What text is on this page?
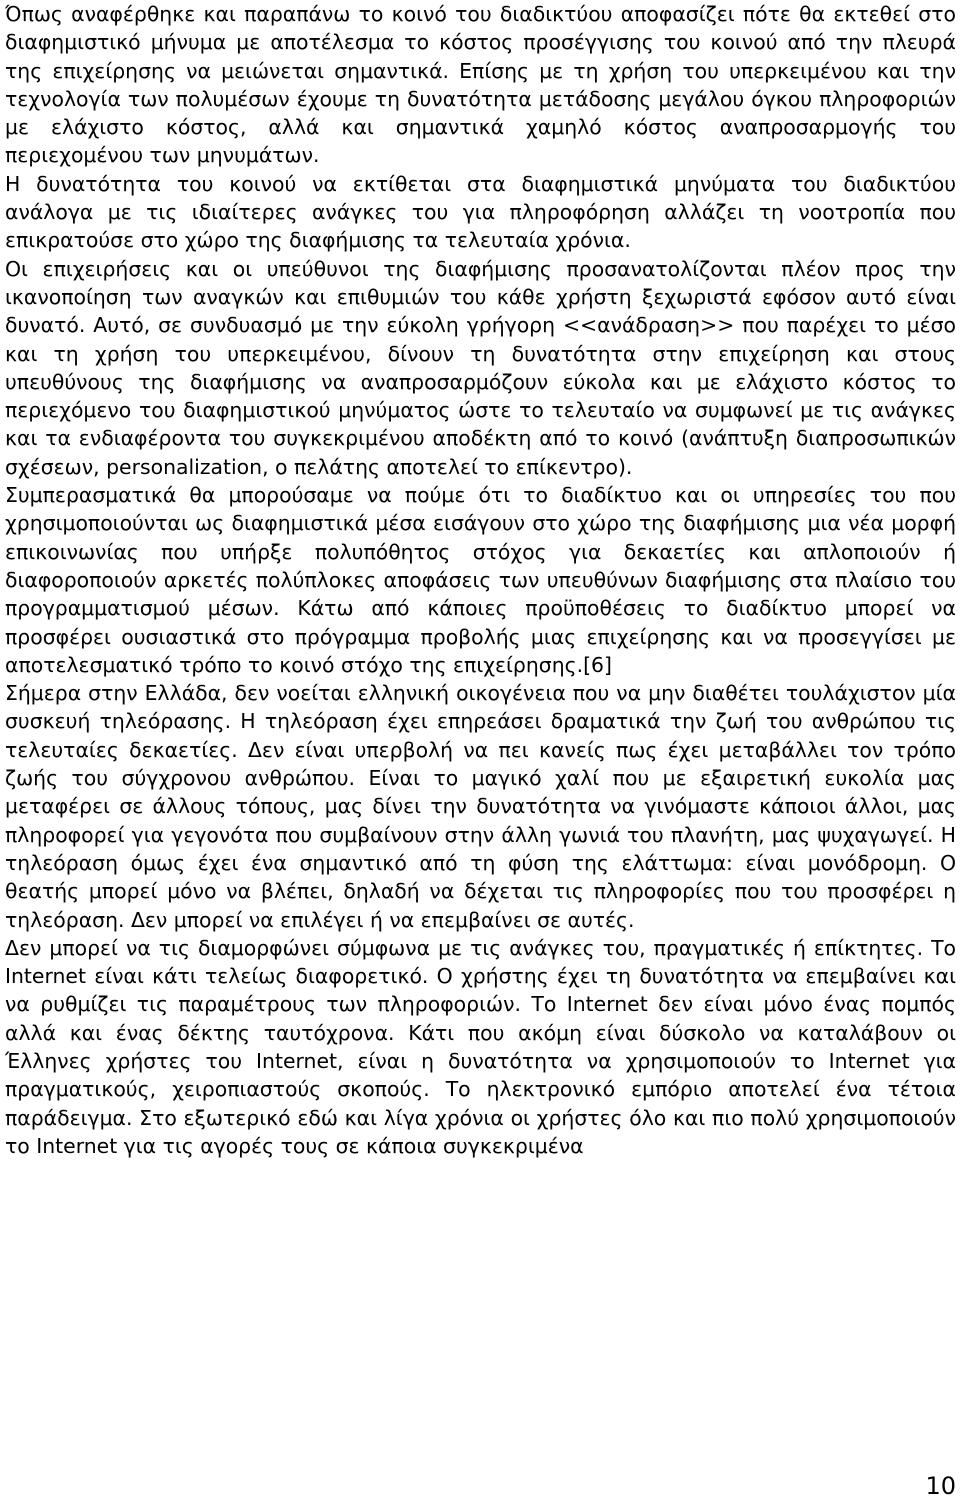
Όπως αναφέρθηκε και παραπάνω το κοινό του διαδικτύου αποφασίζει πότε θα εκτεθεί στο διαφημιστικό μήνυμα με αποτέλεσμα το κόστος προσέγγισης του κοινού από την πλευρά της επιχείρησης να μειώνεται σημαντικά. Επίσης με τη χρήση του υπερκειμένου και την τεχνολογία των πολυμέσων έχουμε τη δυνατότητα μετάδοσης μεγάλου όγκου πληροφοριών με ελάχιστο κόστος, αλλά και σημαντικά χαμηλό κόστος αναπροσαρμογής του περιεχομένου των μηνυμάτων.

Η δυνατότητα του κοινού να εκτίθεται στα διαφημιστικά μηνύματα του διαδικτύου ανάλογα με τις ιδιαίτερες ανάγκες του για πληροφόρηση αλλάζει τη νοοτροπία που επικρατούσε στο χώρο της διαφήμισης τα τελευταία χρόνια.

Οι επιχειρήσεις και οι υπεύθυνοι της διαφήμισης προσανατολίζονται πλέον προς την ικανοποίηση των αναγκών και επιθυμιών του κάθε χρήστη ξεχωριστά εφόσον αυτό είναι δυνατό. Αυτό, σε συνδυασμό με την εύκολη γρήγορη <<ανάδραση>> που παρέχει το μέσο και τη χρήση του υπερκειμένου, δίνουν τη δυνατότητα στην επιχείρηση και στους υπευθύνους της διαφήμισης να αναπροσαρμόζουν εύκολα και με ελάχιστο κόστος το περιεχόμενο του διαφημιστικού μηνύματος ώστε το τελευταίο να συμφωνεί με τις ανάγκες και τα ενδιαφέροντα του συγκεκριμένου αποδέκτη από το κοινό (ανάπτυξη διαπροσωπικών σχέσεων, personalization, ο πελάτης αποτελεί το επίκεντρο).

Συμπερασματικά θα μπορούσαμε να πούμε ότι το διαδίκτυο και οι υπηρεσίες του που χρησιμοποιούνται ως διαφημιστικά μέσα εισάγουν στο χώρο της διαφήμισης μια νέα μορφή επικοινωνίας που υπήρξε πολυπόθητος στόχος για δεκαετίες και απλοποιούν ή διαφοροποιούν αρκετές πολύπλοκες αποφάσεις των υπευθύνων διαφήμισης στα πλαίσιο του προγραμματισμού μέσων. Κάτω από κάποιες προϋποθέσεις το διαδίκτυο μπορεί να προσφέρει ουσιαστικά στο πρόγραμμα προβολής μιας επιχείρησης και να προσεγγίσει με αποτελεσματικό τρόπο το κοινό στόχο της επιχείρησης.[6]

Σήμερα στην Ελλάδα, δεν νοείται ελληνική οικογένεια που να μην διαθέτει τουλάχιστον μία συσκευή τηλεόρασης. Η τηλεόραση έχει επηρεάσει δραματικά την ζωή του ανθρώπου τις τελευταίες δεκαετίες. Δεν είναι υπερβολή να πει κανείς πως έχει μεταβάλλει τον τρόπο ζωής του σύγχρονου ανθρώπου. Είναι το μαγικό χαλί που με εξαιρετική ευκολία μας μεταφέρει σε άλλους τόπους, μας δίνει την δυνατότητα να γινόμαστε κάποιοι άλλοι, μας πληροφορεί για γεγονότα που συμβαίνουν στην άλλη γωνιά του πλανήτη, μας ψυχαγωγεί. Η τηλεόραση όμως έχει ένα σημαντικό από τη φύση της ελάττωμα: είναι μονόδρομη. Ο θεατής μπορεί μόνο να βλέπει, δηλαδή να δέχεται τις πληροφορίες που του προσφέρει η τηλεόραση. Δεν μπορεί να επιλέγει ή να επεμβαίνει σε αυτές.

Δεν μπορεί να τις διαμορφώνει σύμφωνα με τις ανάγκες του, πραγματικές ή επίκτητες. Το Internet είναι κάτι τελείως διαφορετικό. Ο χρήστης έχει τη δυνατότητα να επεμβαίνει και να ρυθμίζει τις παραμέτρους των πληροφοριών. Το Internet δεν είναι μόνο ένας πομπός αλλά και ένας δέκτης ταυτόχρονα. Κάτι που ακόμη είναι δύσκολο να καταλάβουν οι Έλληνες χρήστες του Internet, είναι η δυνατότητα να χρησιμοποιούν το Internet για πραγματικούς, χειροπιαστούς σκοπούς. Το ηλεκτρονικό εμπόριο αποτελεί ένα τέτοια παράδειγμα. Στο εξωτερικό εδώ και λίγα χρόνια οι χρήστες όλο και πιο πολύ χρησιμοποιούν το Internet για τις αγορές τους σε κάποια συγκεκριμένα

10
